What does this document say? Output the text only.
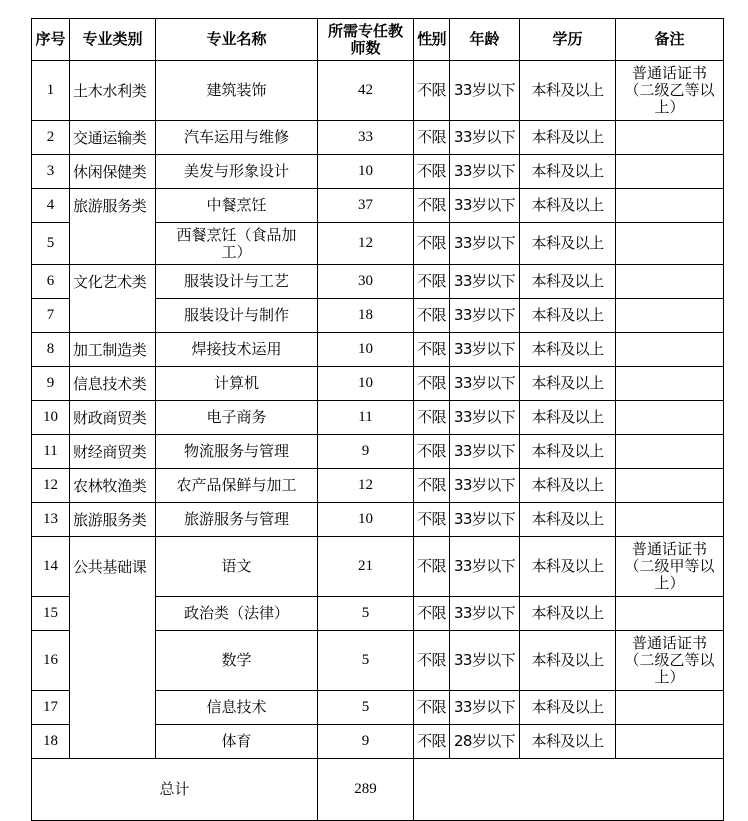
序号	专业类别	专业名称	所需专任教师数	性别	年龄	学历	备注
1	土木水利类	建筑装饰	42	不限	33岁以下	本科及以上	普通话证书（二级乙等以上）
2	交通运输类	汽车运用与维修	33	不限	33岁以下	本科及以上	
3	休闲保健类	美发与形象设计	10	不限	33岁以下	本科及以上	
4	旅游服务类	中餐烹饪	37	不限	33岁以下	本科及以上	
5		西餐烹饪（食品加工）	12	不限	33岁以下	本科及以上	
6	文化艺术类	服装设计与工艺	30	不限	33岁以下	本科及以上	
7		服装设计与制作	18	不限	33岁以下	本科及以上	
8	加工制造类	焊接技术运用	10	不限	33岁以下	本科及以上	
9	信息技术类	计算机	10	不限	33岁以下	本科及以上	
10	财政商贸类	电子商务	11	不限	33岁以下	本科及以上	
11	财经商贸类	物流服务与管理	9	不限	33岁以下	本科及以上	
12	农林牧渔类	农产品保鲜与加工	12	不限	33岁以下	本科及以上	
13	旅游服务类	旅游服务与管理	10	不限	33岁以下	本科及以上	
14	公共基础课	语文	21	不限	33岁以下	本科及以上	普通话证书（二级甲等以上）
15		政治类（法律）	5	不限	33岁以下	本科及以上	
16		数学	5	不限	33岁以下	本科及以上	普通话证书（二级乙等以上）
17		信息技术	5	不限	33岁以下	本科及以上	
18		体育	9	不限	28岁以下	本科及以上	
总计			289				
